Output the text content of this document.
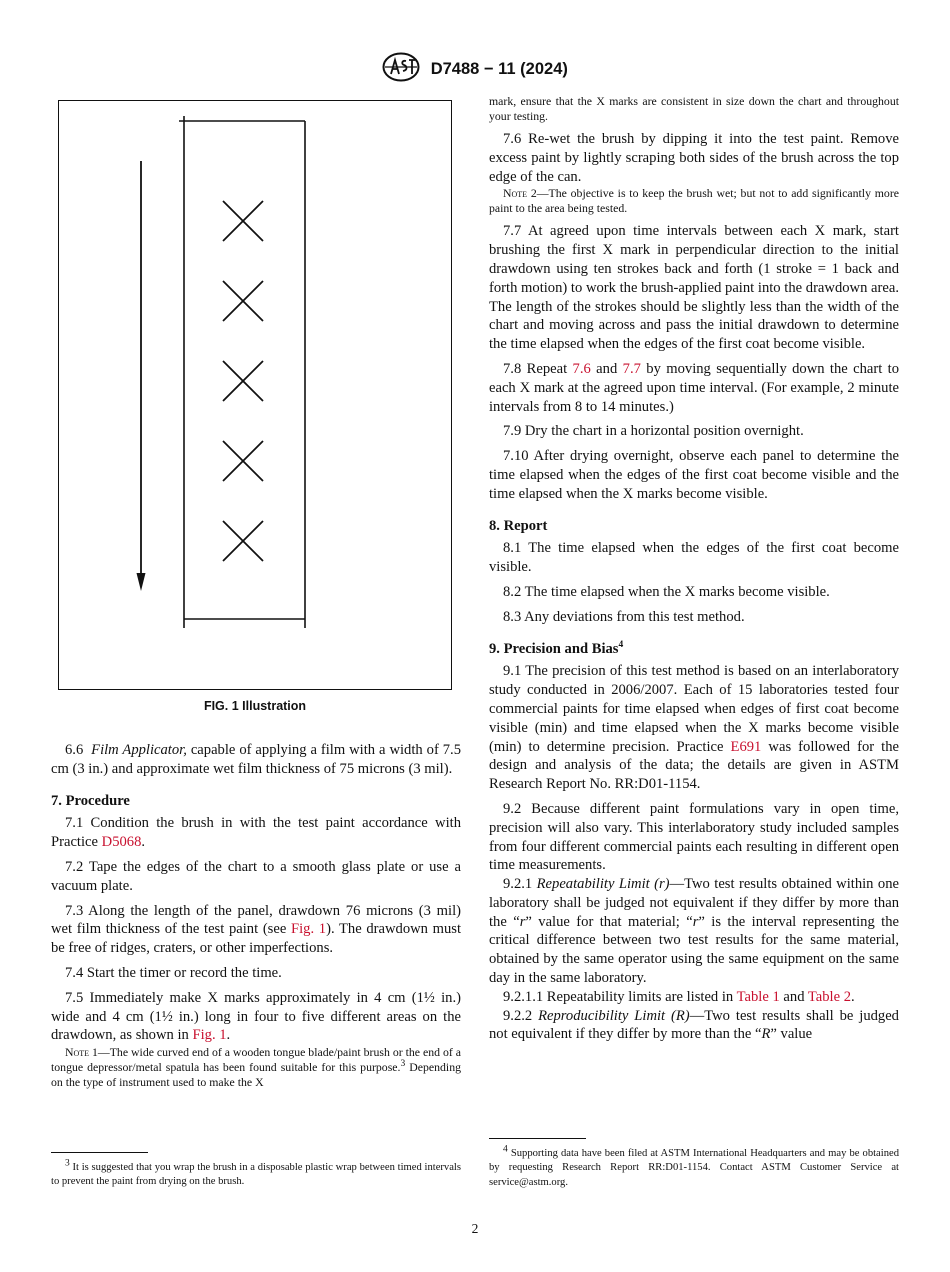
D7488 − 11 (2024)
FIG. 1 Illustration

6.6 Film Applicator, capable of applying a film with a width of 7.5 cm (3 in.) and approximate wet film thickness of 75 microns (3 mil).

7. Procedure

7.1 Condition the brush in with the test paint accordance with Practice D5068.

7.2 Tape the edges of the chart to a smooth glass plate or use a vacuum plate.

7.3 Along the length of the panel, drawdown 76 microns (3 mil) wet film thickness of the test paint (see Fig. 1). The drawdown must be free of ridges, craters, or other imperfections.

7.4 Start the timer or record the time.

7.5 Immediately make X marks approximately in 4 cm (1½ in.) wide and 4 cm (1½ in.) long in four to five different areas on the drawdown, as shown in Fig. 1.

Note 1—The wide curved end of a wooden tongue blade/paint brush or the end of a tongue depressor/metal spatula has been found suitable for this purpose.$^3$ Depending on the type of instrument used to make the X

3 It is suggested that you wrap the brush in a disposable plastic wrap between timed intervals to prevent the paint from drying on the brush.

mark, ensure that the X marks are consistent in size down the chart and throughout your testing.

7.6 Re-wet the brush by dipping it into the test paint. Remove excess paint by lightly scraping both sides of the brush across the top edge of the can.

Note 2—The objective is to keep the brush wet; but not to add significantly more paint to the area being tested.

7.7 At agreed upon time intervals between each X mark, start brushing the first X mark in perpendicular direction to the initial drawdown using ten strokes back and forth (1 stroke = 1 back and forth motion) to work the brush-applied paint into the drawdown area. The length of the strokes should be slightly less than the width of the chart and moving across and pass the initial drawdown to determine the time elapsed when the edges of the first coat become visible.

7.8 Repeat 7.6 and 7.7 by moving sequentially down the chart to each X mark at the agreed upon time interval. (For example, 2 minute intervals from 8 to 14 minutes.)

7.9 Dry the chart in a horizontal position overnight.

7.10 After drying overnight, observe each panel to determine the time elapsed when the edges of the first coat become visible and the time elapsed when the X marks become visible.

8. Report

8.1 The time elapsed when the edges of the first coat become visible.

8.2 The time elapsed when the X marks become visible.

8.3 Any deviations from this test method.

9. Precision and Bias$^4$

9.1 The precision of this test method is based on an interlaboratory study conducted in 2006/2007. Each of 15 laboratories tested four commercial paints for time elapsed when edges of first coat become visible (min) and time elapsed when the X marks become visible (min) to determine precision. Practice E691 was followed for the design and analysis of the data; the details are given in ASTM Research Report No. RR:D01-1154.

9.2 Because different paint formulations vary in open time, precision will also vary. This interlaboratory study included samples from four different commercial paints each resulting in different open time measurements.

9.2.1 Repeatability Limit (r)—Two test results obtained within one laboratory shall be judged not equivalent if they differ by more than the “r” value for that material; “r” is the interval representing the critical difference between two test results for the same material, obtained by the same operator using the same equipment on the same day in the same laboratory.

9.2.1.1 Repeatability limits are listed in Table 1 and Table 2.

9.2.2 Reproducibility Limit (R)—Two test results shall be judged not equivalent if they differ by more than the “R” value

4 Supporting data have been filed at ASTM International Headquarters and may be obtained by requesting Research Report RR:D01-1154. Contact ASTM Customer Service at service@astm.org.

2
